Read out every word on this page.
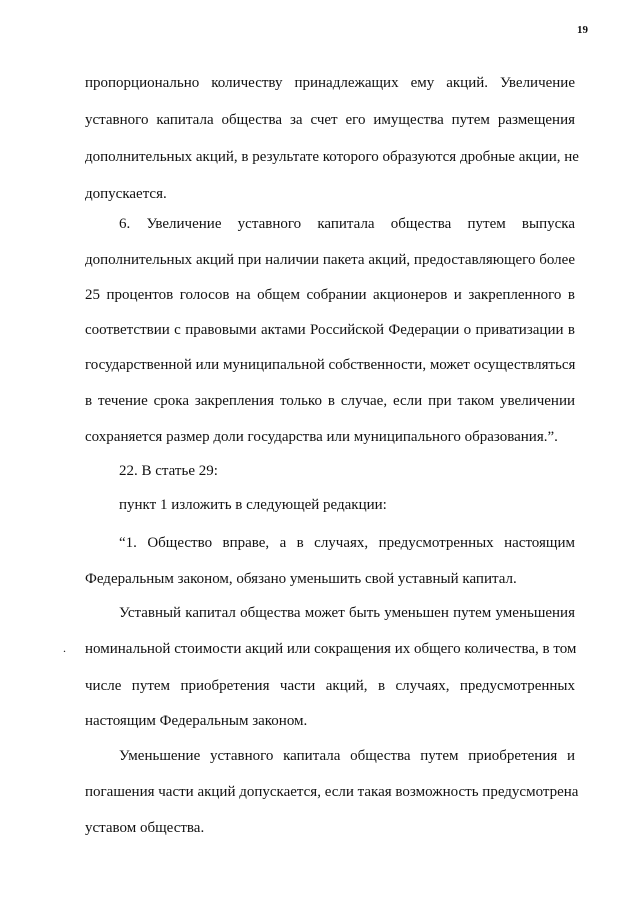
19
пропорционально количеству принадлежащих ему акций. Увеличение
уставного капитала общества за счет его имущества путем размещения
дополнительных акций, в результате которого образуются дробные акции, не
допускается.
6. Увеличение уставного капитала общества путем выпуска
дополнительных акций при наличии пакета акций, предоставляющего более
25 процентов голосов на общем собрании акционеров и закрепленного в
соответствии с правовыми актами Российской Федерации о приватизации в
государственной или муниципальной собственности, может осуществляться
в течение срока закрепления только в случае, если при таком увеличении
сохраняется размер доли государства или муниципального образования.”.
22. В статье 29:
пункт 1 изложить в следующей редакции:
“1. Общество вправе, а в случаях, предусмотренных настоящим
Федеральным законом, обязано уменьшить свой уставный капитал.
Уставный капитал общества может быть уменьшен путем уменьшения
. номинальной стоимости акций или сокращения их общего количества, в том
числе путем приобретения части акций, в случаях, предусмотренных
настоящим Федеральным законом.
Уменьшение уставного капитала общества путем приобретения и
погашения части акций допускается, если такая возможность предусмотрена
уставом общества.
